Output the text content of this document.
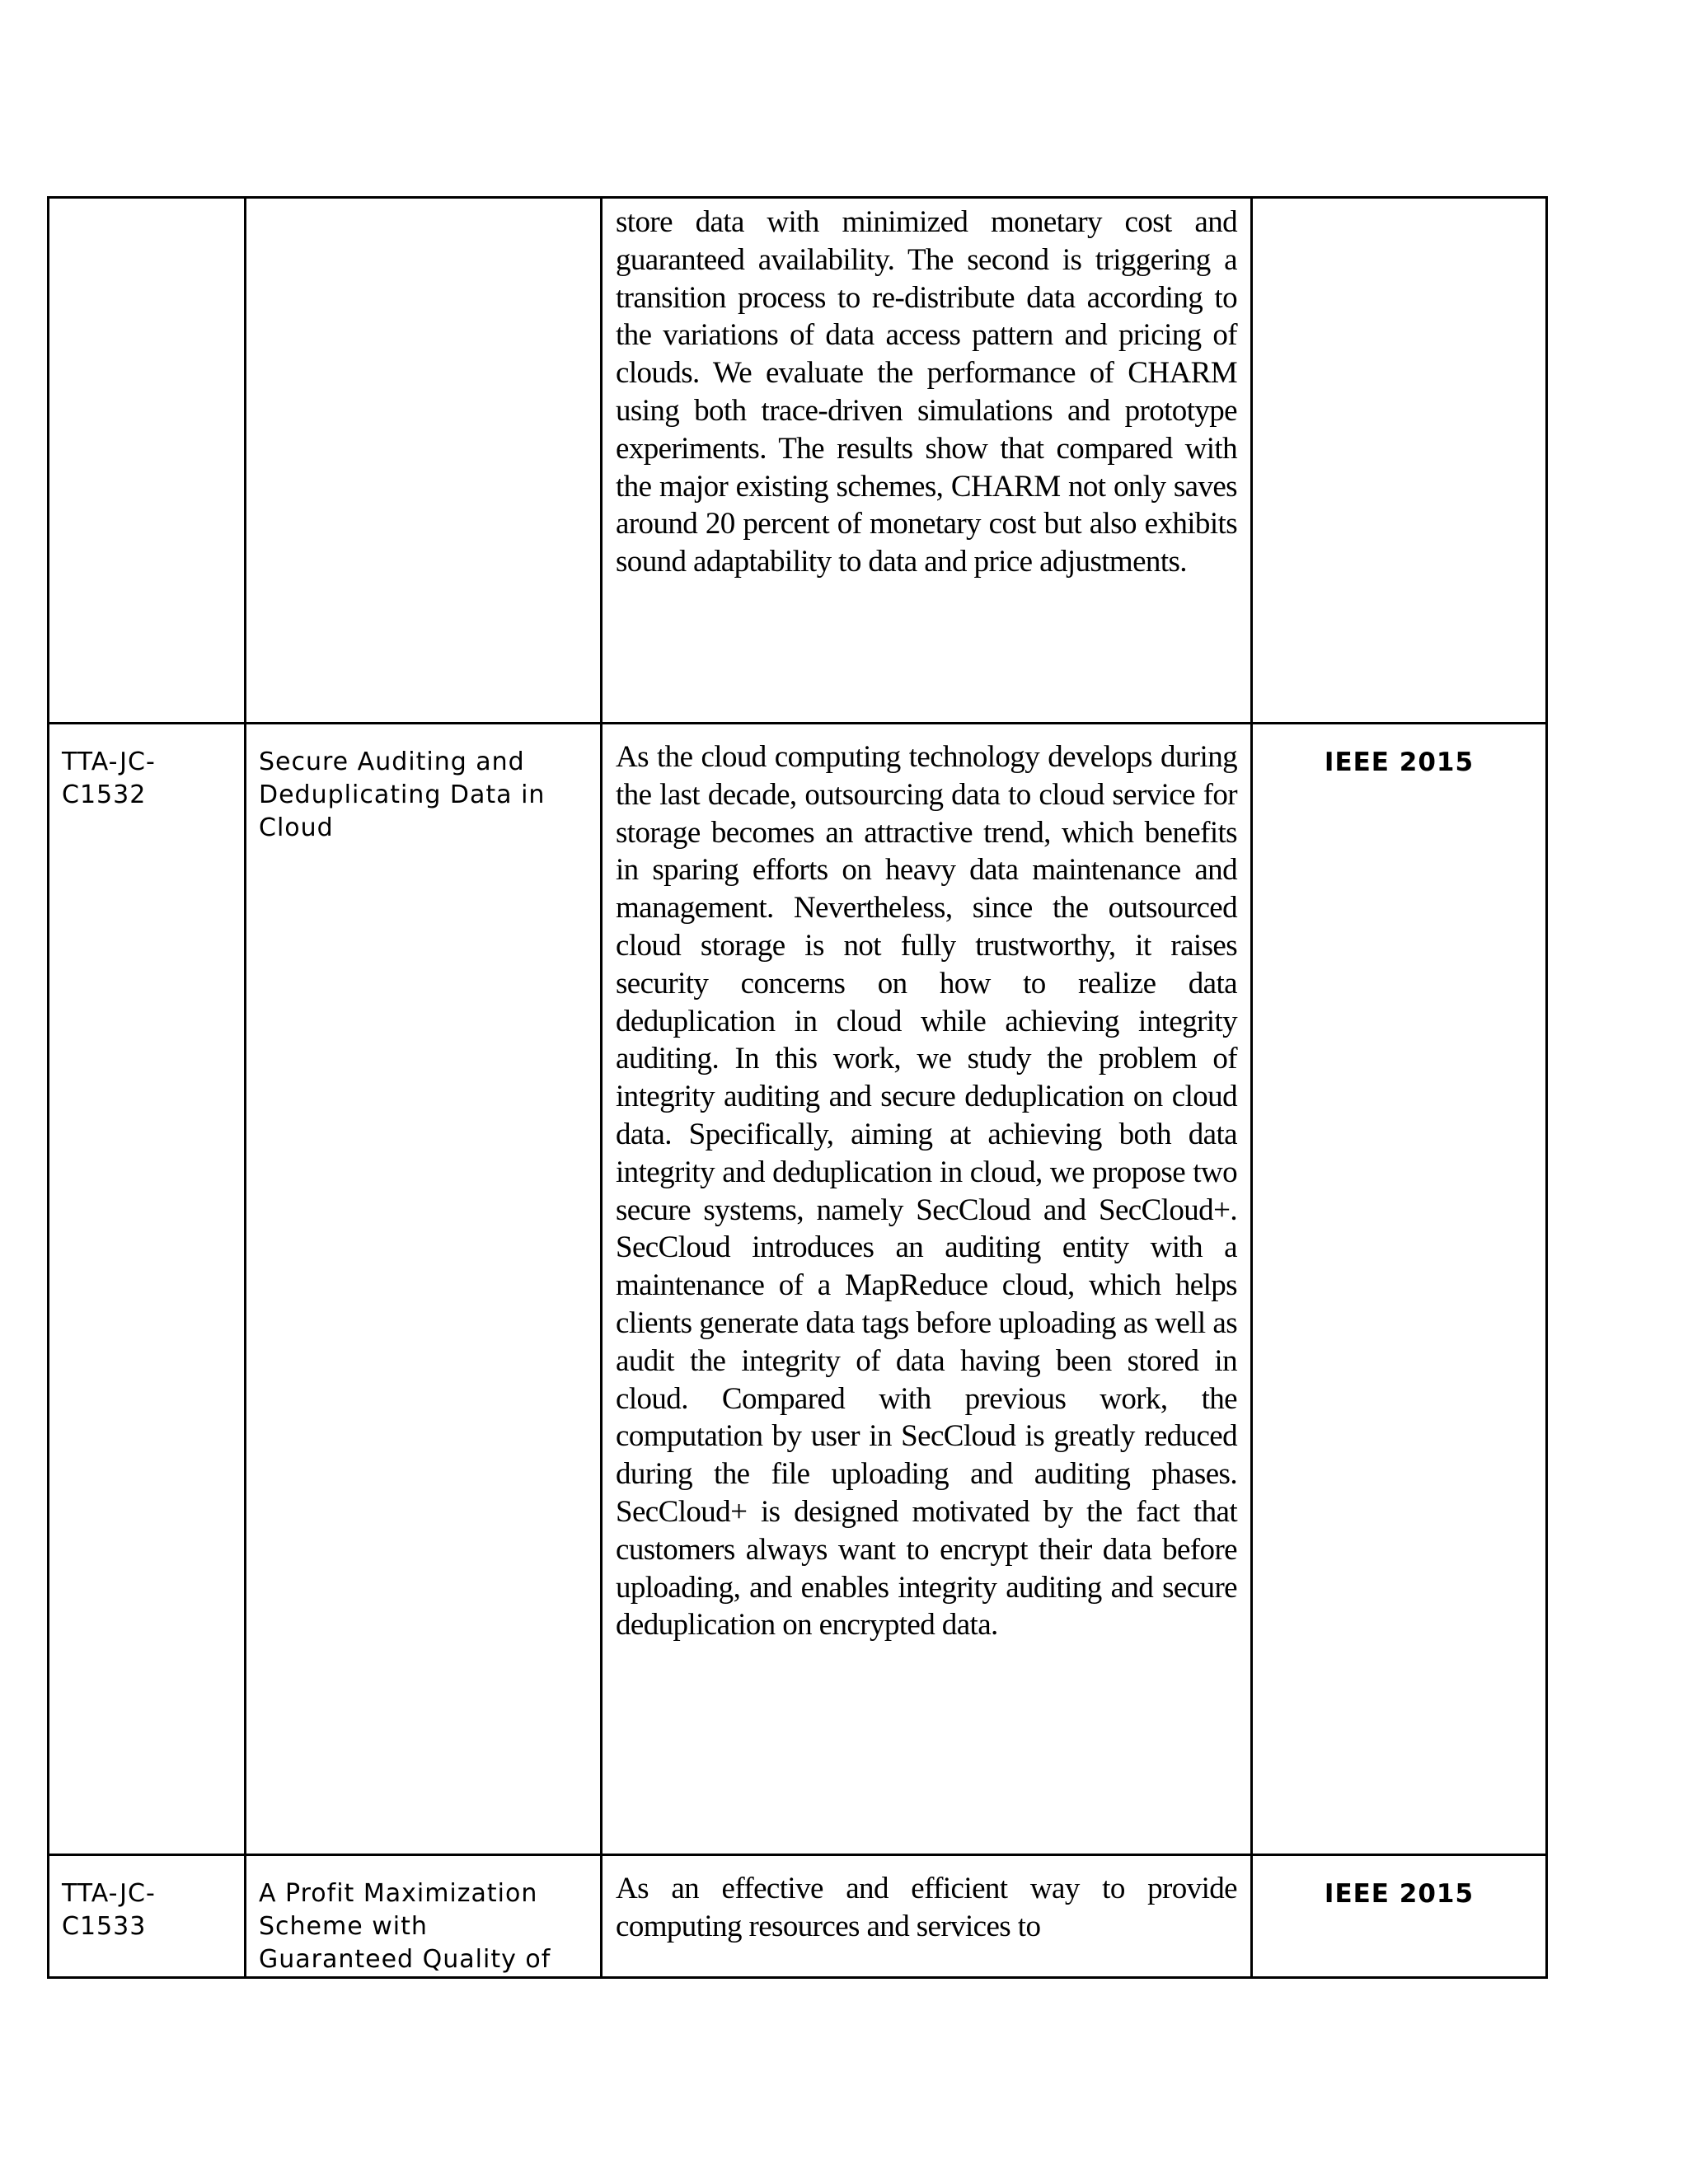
		store data with minimized monetary cost and guaranteed availability. The second is triggering a transition process to re-distribute data according to the variations of data access pattern and pricing of clouds. We evaluate the performance of CHARM using both trace-driven simulations and prototype experiments. The results show that compared with the major existing schemes, CHARM not only saves around 20 percent of monetary cost but also exhibits sound adaptability to data and price adjustments.	

TTA-JC-C1532	Secure Auditing and Deduplicating Data in Cloud	As the cloud computing technology develops during the last decade, outsourcing data to cloud service for storage becomes an attractive trend, which benefits in sparing efforts on heavy data maintenance and management. Nevertheless, since the outsourced cloud storage is not fully trustworthy, it raises security concerns on how to realize data deduplication in cloud while achieving integrity auditing. In this work, we study the problem of integrity auditing and secure deduplication on cloud data. Specifically, aiming at achieving both data integrity and deduplication in cloud, we propose two secure systems, namely SecCloud and SecCloud+. SecCloud introduces an auditing entity with a maintenance of a MapReduce cloud, which helps clients generate data tags before uploading as well as audit the integrity of data having been stored in cloud. Compared with previous work, the computation by user in SecCloud is greatly reduced during the file uploading and auditing phases. SecCloud+ is designed motivated by the fact that customers always want to encrypt their data before uploading, and enables integrity auditing and secure deduplication on encrypted data.	IEEE 2015

TTA-JC-C1533	A Profit Maximization Scheme with Guaranteed Quality of	As an effective and efficient way to provide computing resources and services to	IEEE 2015
